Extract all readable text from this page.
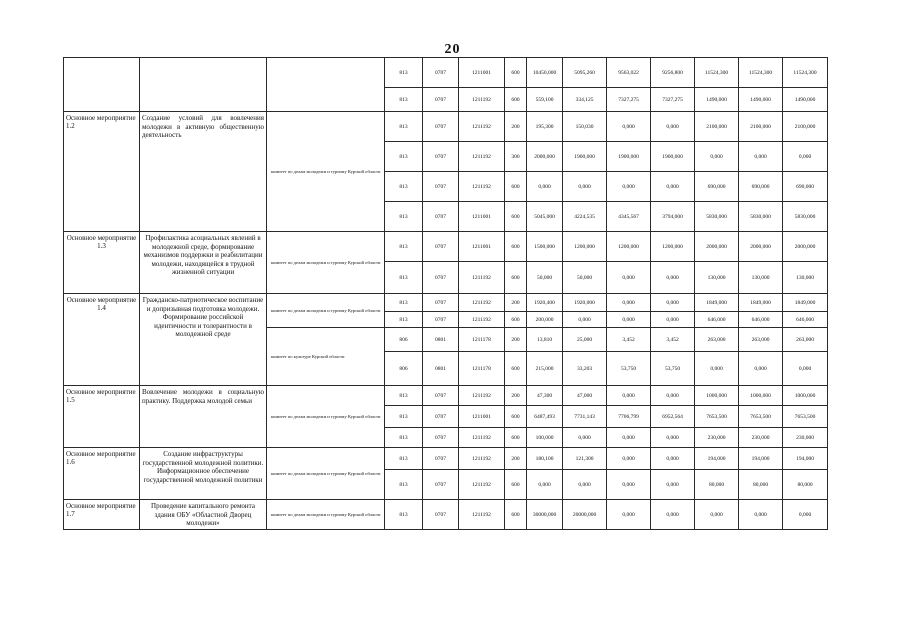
20
			813	0707	1211001	600	10450,000	5095,260	9563,022	9256,800	11524,300	11524,300	11524,300
			813	0707	1211192	600	559,100	334,125	7327,275	7327,275	1490,000	1490,000	1490,000
Основное мероприятие 1.2	Создание условий для вовлечения молодежи в активную общественную деятельность	комитет по делам молодежи и туризму Курской области	813	0707	1211192	200	195,300	150,030	0,000	0,000	2100,000	2100,000	2100,000
			813	0707	1211192	300	2000,000	1900,000	1900,000	1900,000	0,000	0,000	0,000
			813	0707	1211192	600	0,000	0,000	0,000	0,000	690,000	690,000	690,000
			813	0707	1211001	600	5045,000	4224,535	4345,567	3794,000	5830,000	5830,000	5830,000
Основное мероприятие 1.3	Профилактика асоциальных явлений в молодежной среде, формирование механизмов поддержки и реабилитации молодежи, находящейся в трудной жизненной ситуации	комитет по делам молодежи и туризму Курской области	813	0707	1211001	600	1500,000	1200,000	1200,000	1200,000	2000,000	2000,000	2000,000
			813	0707	1211192	600	50,000	50,000	0,000	0,000	130,000	130,000	130,000
Основное мероприятие 1.4	Гражданско-патриотическое воспитание и допризывная подготовка молодежи. Формирование российской идентичности и толерантности в молодежной среде	комитет по делам молодежи и туризму Курской области	813	0707	1211192	200	1920,400	1920,000	0,000	0,000	1849,000	1849,000	1849,000
			813	0707	1211192	600	200,000	0,000	0,000	0,000	646,000	646,000	646,000
		комитет по культуре Курской области	806	0801	1211178	200	13,810	25,000	3,452	3,452	263,000	263,000	263,000
			806	0801	1211178	600	215,000	33,203	53,750	53,750	0,000	0,000	0,000
Основное мероприятие 1.5	Вовлечение молодежи в социальную практику. Поддержка молодой семьи	комитет по делам молодежи и туризму Курской области	813	0707	1211192	200	47,300	47,000	0,000	0,000	1000,000	1000,000	1000,000
			813	0707	1211001	600	6487,493	7731,143	7706,799	6952,564	7653,500	7653,500	7653,500
			813	0707	1211192	600	100,000	0,000	0,000	0,000	230,000	230,000	230,000
Основное мероприятие 1.6	Создание инфраструктуры государственной молодежной политики. Информационное обеспечение государственной молодежной политики	комитет по делам молодежи и туризму Курской области	813	0707	1211192	200	180,100	121,300	0,000	0,000	194,000	194,000	194,000
			813	0707	1211192	600	0,000	0,000	0,000	0,000	80,000	80,000	80,000
Основное мероприятие 1.7	Проведение капитального ремонта здания ОБУ «Областной Дворец молодежи»	комитет по делам молодежи и туризму Курской области	813	0707	1211192	600	30000,000	20000,000	0,000	0,000	0,000	0,000	0,000
